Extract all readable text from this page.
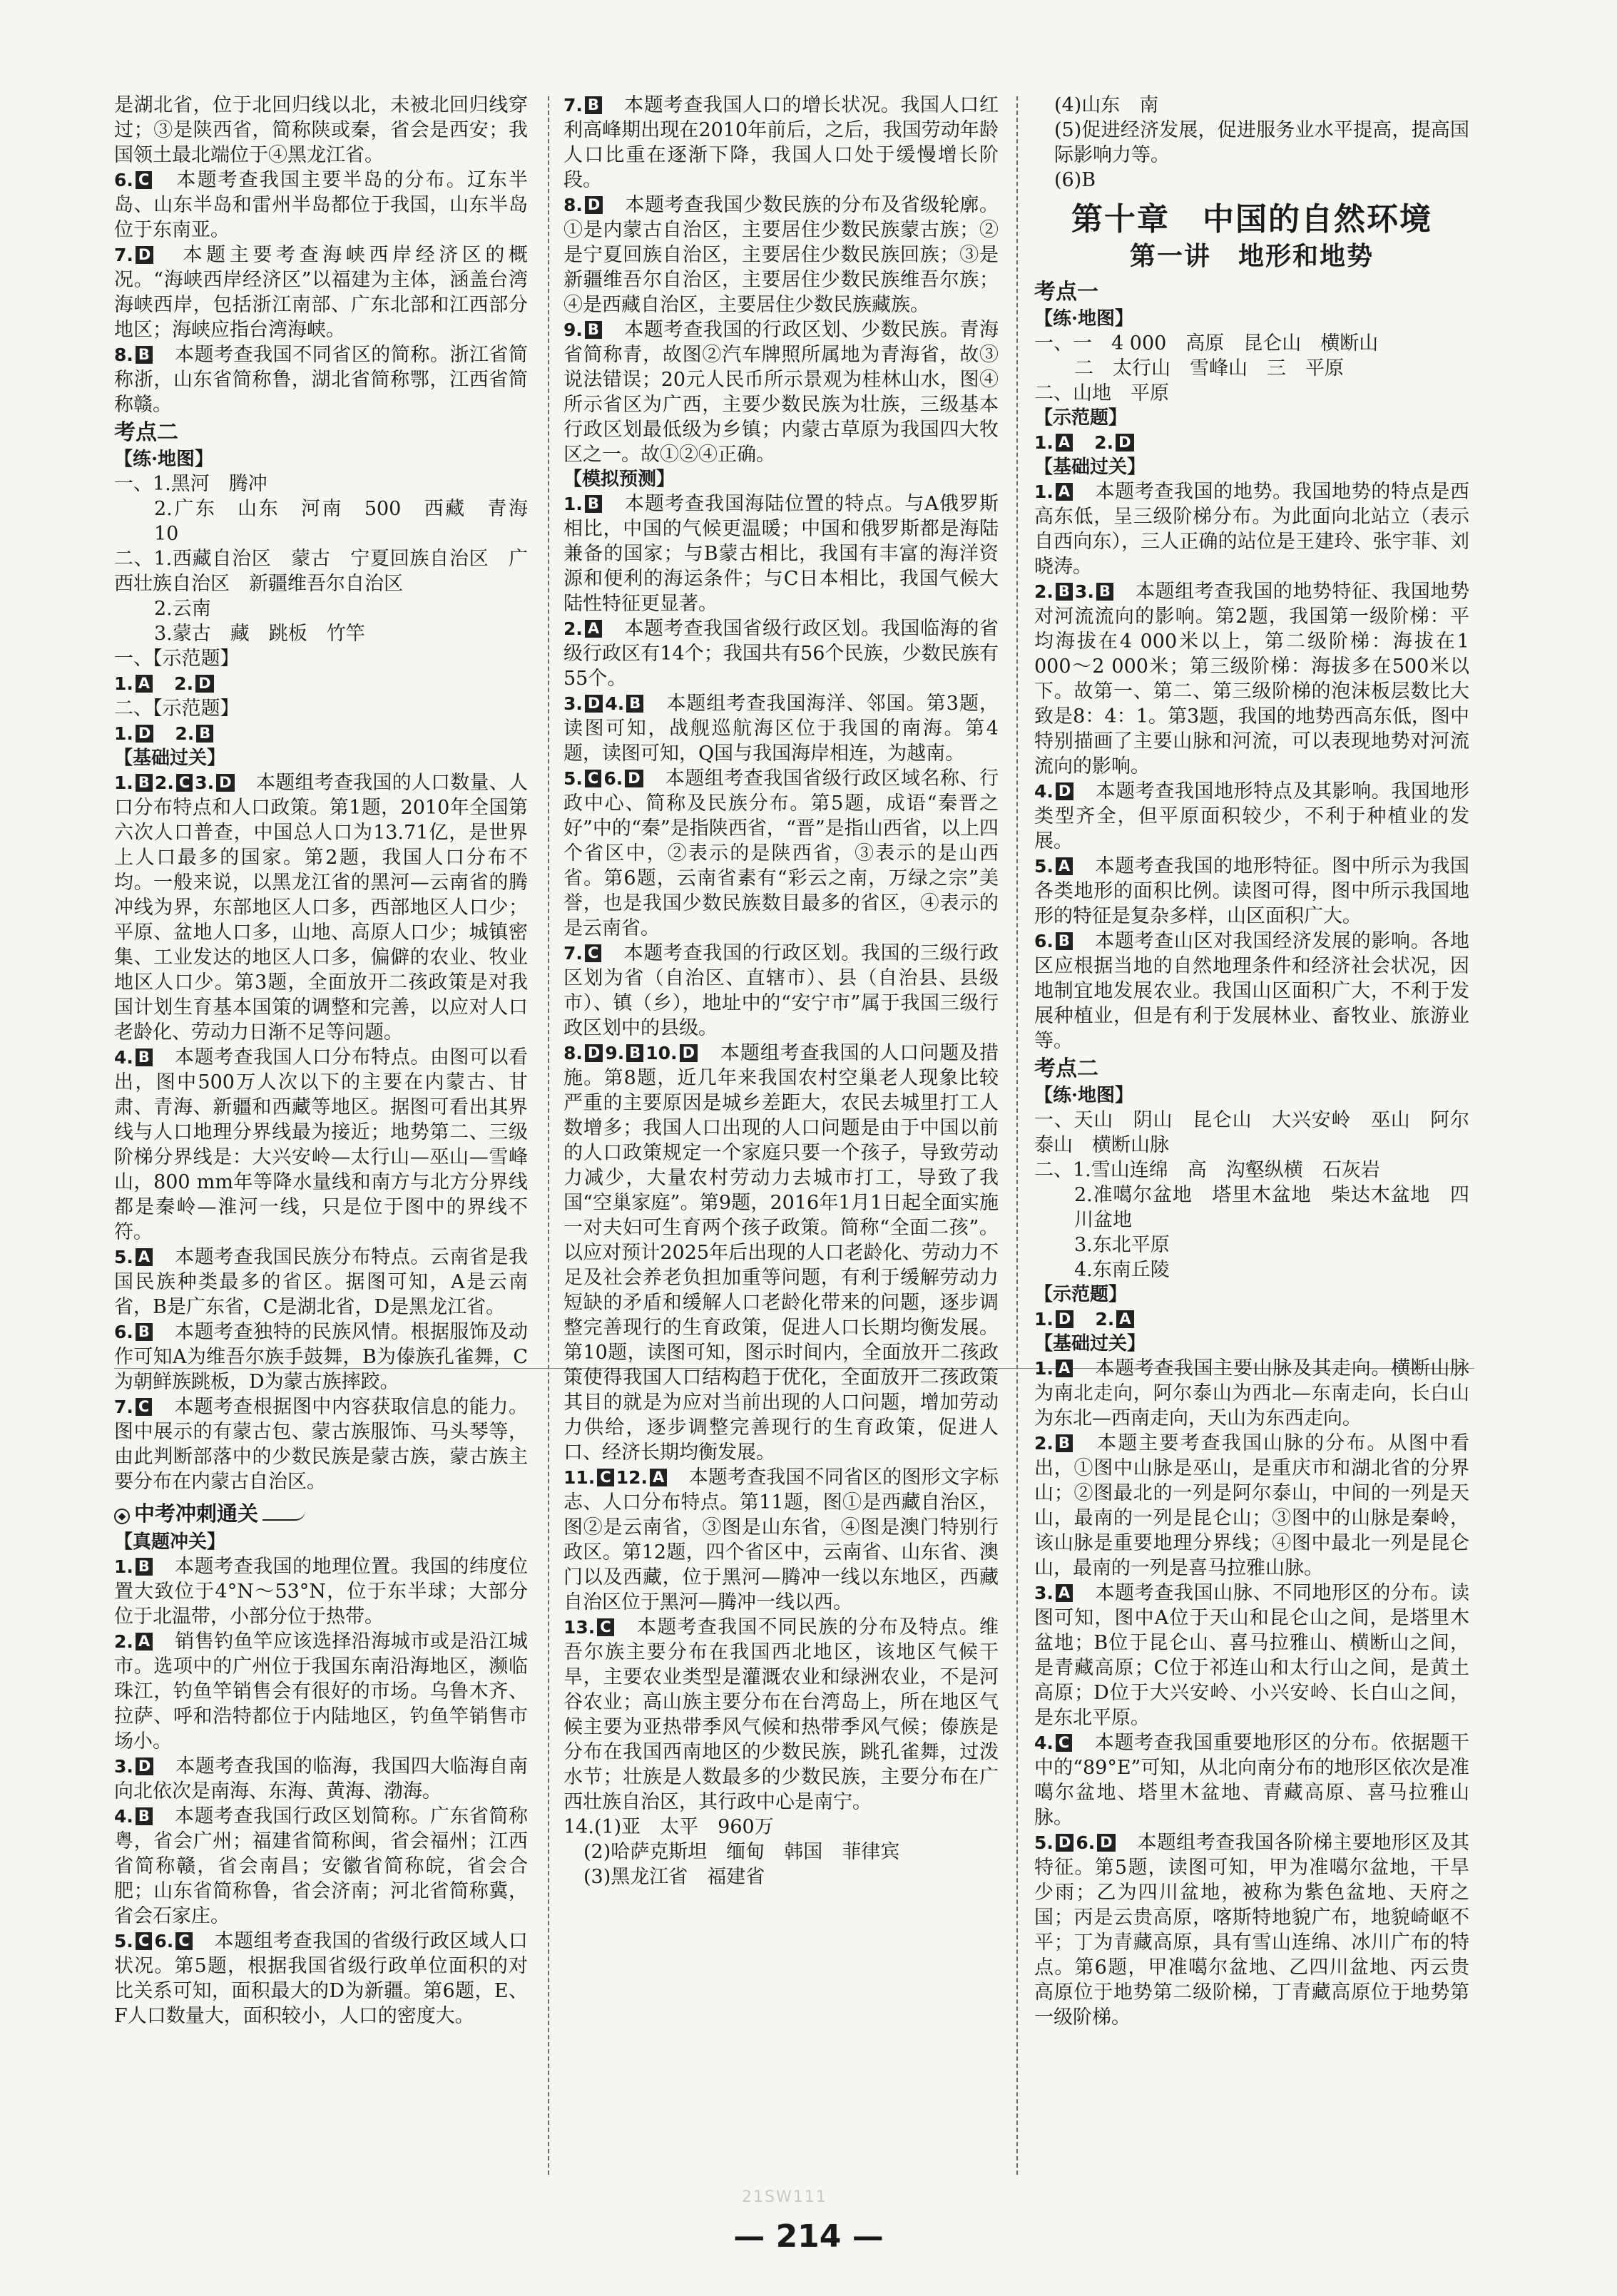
是湖北省，位于北回归线以北，未被北回归线穿过；③是陕西省，简称陕或秦，省会是西安；我国领土最北端位于④黑龙江省。
6. C　本题考查我国主要半岛的分布。辽东半岛、山东半岛和雷州半岛都位于我国，山东半岛位于东南亚。
7. D　本题主要考查海峡西岸经济区的概况。“海峡西岸经济区”以福建为主体，涵盖台湾海峡西岸，包括浙江南部、广东北部和江西部分地区；海峡应指台湾海峡。
8. B　本题考查我国不同省区的简称。浙江省简称浙，山东省简称鲁，湖北省简称鄂，江西省简称赣。
考点二
【练·地图】
一、1.黑河　腾冲
2.广东　山东　河南　500　西藏　青海　10
二、1.西藏自治区　蒙古　宁夏回族自治区　广西壮族自治区　新疆维吾尔自治区
2.云南
3.蒙古　藏　跳板　竹竿
一、【示范题】
1. A　 2. D　
二、【示范题】
1. D　 2. B　
【基础过关】
1. B 2. C 3. D　本题组考查我国的人口数量、人口分布特点和人口政策。第1题，2010年全国第六次人口普查，中国总人口为13.71亿，是世界上人口最多的国家。第2题，我国人口分布不均。一般来说，以黑龙江省的黑河—云南省的腾冲线为界，东部地区人口多，西部地区人口少；平原、盆地人口多，山地、高原人口少；城镇密集、工业发达的地区人口多，偏僻的农业、牧业地区人口少。第3题，全面放开二孩政策是对我国计划生育基本国策的调整和完善，以应对人口老龄化、劳动力日渐不足等问题。
4. B　本题考查我国人口分布特点。由图可以看出，图中500万人次以下的主要在内蒙古、甘肃、青海、新疆和西藏等地区。据图可看出其界线与人口地理分界线最为接近；地势第二、三级阶梯分界线是：大兴安岭—太行山—巫山—雪峰山，800 mm年等降水量线和南方与北方分界线都是秦岭—淮河一线，只是位于图中的界线不符。
5. A　本题考查我国民族分布特点。云南省是我国民族种类最多的省区。据图可知，A是云南省，B是广东省，C是湖北省，D是黑龙江省。
6. B　本题考查独特的民族风情。根据服饰及动作可知A为维吾尔族手鼓舞，B为傣族孔雀舞，C为朝鲜族跳板，D为蒙古族摔跤。
7. C　本题考查根据图中内容获取信息的能力。图中展示的有蒙古包、蒙古族服饰、马头琴等，由此判断部落中的少数民族是蒙古族，蒙古族主要分布在内蒙古自治区。
◆ 中考冲刺通关
【真题冲关】
1. B　本题考查我国的地理位置。我国的纬度位置大致位于4°N～53°N，位于东半球；大部分位于北温带，小部分位于热带。
2. A　销售钓鱼竿应该选择沿海城市或是沿江城市。选项中的广州位于我国东南沿海地区，濒临珠江，钓鱼竿销售会有很好的市场。乌鲁木齐、拉萨、呼和浩特都位于内陆地区，钓鱼竿销售市场小。
3. D　本题考查我国的临海，我国四大临海自南向北依次是南海、东海、黄海、渤海。
4. B　本题考查我国行政区划简称。广东省简称粤，省会广州；福建省简称闽，省会福州；江西省简称赣，省会南昌；安徽省简称皖，省会合肥；山东省简称鲁，省会济南；河北省简称冀，省会石家庄。
5. C 6. C　本题组考查我国的省级行政区域人口状况。第5题，根据我国省级行政单位面积的对比关系可知，面积最大的D为新疆。第6题，E、F人口数量大，面积较小，人口的密度大。
7. B　本题考查我国人口的增长状况。我国人口红利高峰期出现在2010年前后，之后，我国劳动年龄人口比重在逐渐下降，我国人口处于缓慢增长阶段。
8. D　本题考查我国少数民族的分布及省级轮廓。①是内蒙古自治区，主要居住少数民族蒙古族；②是宁夏回族自治区，主要居住少数民族回族；③是新疆维吾尔自治区，主要居住少数民族维吾尔族；④是西藏自治区，主要居住少数民族藏族。
9. B　本题考查我国的行政区划、少数民族。青海省简称青，故图②汽车牌照所属地为青海省，故③说法错误；20元人民币所示景观为桂林山水，图④所示省区为广西，主要少数民族为壮族，三级基本行政区划最低级为乡镇；内蒙古草原为我国四大牧区之一。故①②④正确。
【模拟预测】
1. B　本题考查我国海陆位置的特点。与A俄罗斯相比，中国的气候更温暖；中国和俄罗斯都是海陆兼备的国家；与B蒙古相比，我国有丰富的海洋资源和便利的海运条件；与C日本相比，我国气候大陆性特征更显著。
2. A　本题考查我国省级行政区划。我国临海的省级行政区有14个；我国共有56个民族，少数民族有55个。
3. D 4. B　本题组考查我国海洋、邻国。第3题，读图可知，战舰巡航海区位于我国的南海。第4题，读图可知，Q国与我国海岸相连，为越南。
5. C 6. D　本题组考查我国省级行政区域名称、行政中心、简称及民族分布。第5题，成语“秦晋之好”中的“秦”是指陕西省，“晋”是指山西省，以上四个省区中，②表示的是陕西省，③表示的是山西省。第6题，云南省素有“彩云之南，万绿之宗”美誉，也是我国少数民族数目最多的省区，④表示的是云南省。
7. C　本题考查我国的行政区划。我国的三级行政区划为省（自治区、直辖市）、县（自治县、县级市）、镇（乡），地址中的“安宁市”属于我国三级行政区划中的县级。
8. D 9. B 10. D　本题组考查我国的人口问题及措施。第8题，近几年来我国农村空巢老人现象比较严重的主要原因是城乡差距大，农民去城里打工人数增多；我国人口出现的人口问题是由于中国以前的人口政策规定一个家庭只要一个孩子，导致劳动力减少，大量农村劳动力去城市打工，导致了我国“空巢家庭”。第9题，2016年1月1日起全面实施一对夫妇可生育两个孩子政策。简称“全面二孩”。以应对预计2025年后出现的人口老龄化、劳动力不足及社会养老负担加重等问题，有利于缓解劳动力短缺的矛盾和缓解人口老龄化带来的问题，逐步调整完善现行的生育政策，促进人口长期均衡发展。第10题，读图可知，图示时间内，全面放开二孩政策使得我国人口结构趋于优化，全面放开二孩政策其目的就是为应对当前出现的人口问题，增加劳动力供给，逐步调整完善现行的生育政策，促进人口、经济长期均衡发展。
11. C 12. A　本题考查我国不同省区的图形文字标志、人口分布特点。第11题，图①是西藏自治区，图②是云南省，③图是山东省，④图是澳门特别行政区。第12题，四个省区中，云南省、山东省、澳门以及西藏，位于黑河—腾冲一线以东地区，西藏自治区位于黑河—腾冲一线以西。
13. C　本题考查我国不同民族的分布及特点。维吾尔族主要分布在我国西北地区，该地区气候干旱，主要农业类型是灌溉农业和绿洲农业，不是河谷农业；高山族主要分布在台湾岛上，所在地区气候主要为亚热带季风气候和热带季风气候；傣族是分布在我国西南地区的少数民族，跳孔雀舞，过泼水节；壮族是人数最多的少数民族，主要分布在广西壮族自治区，其行政中心是南宁。
14.(1)亚　太平　960万
(2)哈萨克斯坦　缅甸　韩国　菲律宾
(3)黑龙江省　福建省
(4)山东　南
(5)促进经济发展，促进服务业水平提高，提高国际影响力等。
(6)B
第十章　中国的自然环境
第一讲　地形和地势
考点一
【练·地图】
一、一　4 000　高原　昆仑山　横断山
二　太行山　雪峰山　三　平原
二、山地　平原
【示范题】
1. A　 2. D　
【基础过关】
1. A　本题考查我国的地势。我国地势的特点是西高东低，呈三级阶梯分布。为此面向北站立（表示自西向东），三人正确的站位是王建玲、张宇菲、刘晓涛。
2. B 3. B　本题组考查我国的地势特征、我国地势对河流流向的影响。第2题，我国第一级阶梯：平均海拔在4 000米以上，第二级阶梯：海拔在1 000～2 000米；第三级阶梯：海拔多在500米以下。故第一、第二、第三级阶梯的泡沫板层数比大致是8：4：1。第3题，我国的地势西高东低，图中特别描画了主要山脉和河流，可以表现地势对河流流向的影响。
4. D　本题考查我国地形特点及其影响。我国地形类型齐全，但平原面积较少，不利于种植业的发展。
5. A　本题考查我国的地形特征。图中所示为我国各类地形的面积比例。读图可得，图中所示我国地形的特征是复杂多样，山区面积广大。
6. B　本题考查山区对我国经济发展的影响。各地区应根据当地的自然地理条件和经济社会状况，因地制宜地发展农业。我国山区面积广大，不利于发展种植业，但是有利于发展林业、畜牧业、旅游业等。
考点二
【练·地图】
一、天山　阴山　昆仑山　大兴安岭　巫山　阿尔泰山　横断山脉
二、1.雪山连绵　高　沟壑纵横　石灰岩
2.准噶尔盆地　塔里木盆地　柴达木盆地　四川盆地
3.东北平原
4.东南丘陵
【示范题】
1. D　 2. A　
【基础过关】
1. A　本题考查我国主要山脉及其走向。横断山脉为南北走向，阿尔泰山为西北—东南走向，长白山为东北—西南走向，天山为东西走向。
2. B　本题主要考查我国山脉的分布。从图中看出，①图中山脉是巫山，是重庆市和湖北省的分界山；②图最北的一列是阿尔泰山，中间的一列是天山，最南的一列是昆仑山；③图中的山脉是秦岭，该山脉是重要地理分界线；④图中最北一列是昆仑山，最南的一列是喜马拉雅山脉。
3. A　本题考查我国山脉、不同地形区的分布。读图可知，图中A位于天山和昆仑山之间，是塔里木盆地；B位于昆仑山、喜马拉雅山、横断山之间，是青藏高原；C位于祁连山和太行山之间，是黄土高原；D位于大兴安岭、小兴安岭、长白山之间，是东北平原。
4. C　本题考查我国重要地形区的分布。依据题干中的“89°E”可知，从北向南分布的地形区依次是准噶尔盆地、塔里木盆地、青藏高原、喜马拉雅山脉。
5. D 6. D　本题组考查我国各阶梯主要地形区及其特征。第5题，读图可知，甲为准噶尔盆地，干旱少雨；乙为四川盆地，被称为紫色盆地、天府之国；丙是云贵高原，喀斯特地貌广布，地貌崎岖不平；丁为青藏高原，具有雪山连绵、冰川广布的特点。第6题，甲准噶尔盆地、乙四川盆地、丙云贵高原位于地势第二级阶梯，丁青藏高原位于地势第一级阶梯。
21SW111
— 214 —
